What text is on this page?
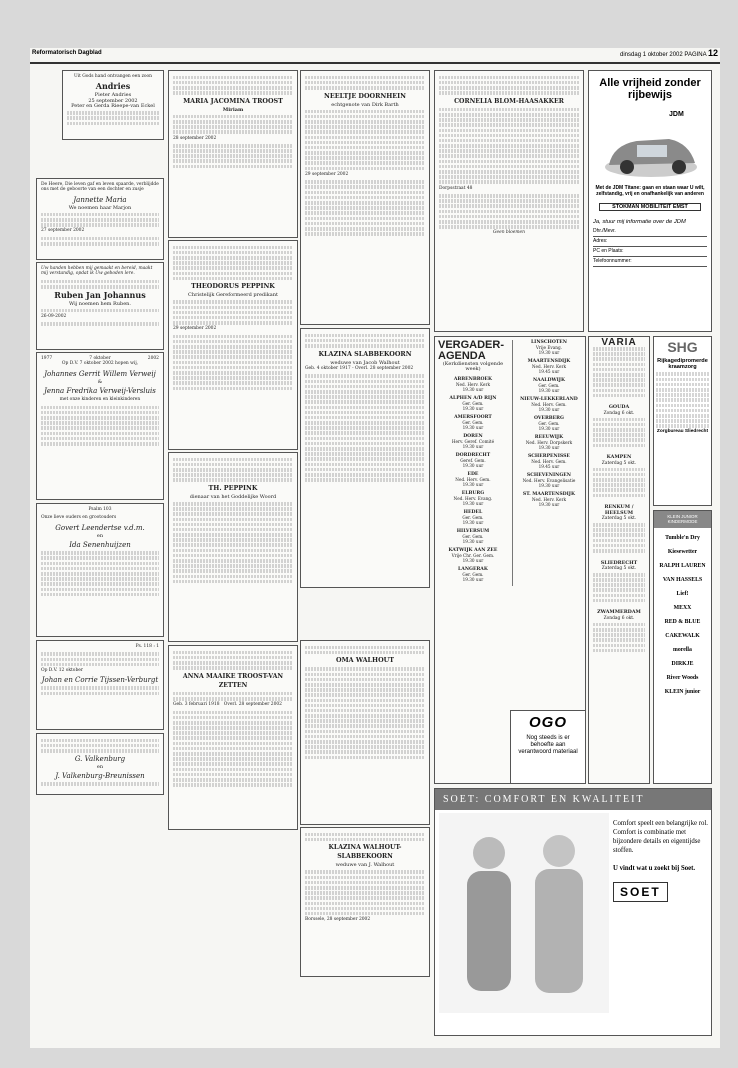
Reformatorisch Dagblad	dinsdag 1 oktober 2002 PAGINA 12

Uit Gods hand ontvangen een zoon

Andries
Pieter Andries
25 september 2002
Peter en Gerda Rieepe-van Eckel

De Heere, Die leven gaf en leven spaarde, verblijdde ons met de geboorte van een dochter en zusje

Jannette Maria
We noemen haar Marjon

27 september 2002

Uw handen hebben mij gemaakt en bereid, maakt mij verstandig, opdat ik Uw geboden lere.

Ruben Jan Johannus
Wij noemen hem Ruben.

26-09-2002

1977	7 oktober	2002

Op D.V. 7 oktober 2002 hopen wij,

Johannes Gerrit Willem Verweij
&
Jenna Fredrika Verweij-Versluis

met onze kinderen en kleinkinderen

Psalm 103

Onze lieve ouders en grootouders

Govert Leendertse v.d.m.
en
Ida Senenhuijzen

Ps. 118 : 1

Op D.V. 12 oktober

Johan en Corrie Tijssen-Verburgt
G. Valkenburg
en
J. Valkenburg-Breunissen
MARIA JACOMINA TROOST
Miriam

28 september 2002

THEODORUS PEPPINK
Christelijk Gereformeerd predikant

29 september 2002

TH. PEPPINK
dienaar van het Goddelijke Woord
ANNA MAAIKE TROOST-VAN ZETTEN

Geb. 3 februari 1918 Overl. 28 september 2002

NEELTJE DOORNHEIN
echtgenote van Dirk Barth

29 september 2002

KLAZINA SLABBEKOORN
weduwe van Jacob Walhout

Geb. 4 oktober 1917 - Overl. 28 september 2002

OMA WALHOUT
KLAZINA WALHOUT-SLABBEKOORN
weduwe van J. Walhout

Borssele, 28 september 2002

CORNELIA BLOM-HAASAKKER

Dorpsstraat 48

Geen bloemen

VERGADER-AGENDA
(Kerkdiensten volgende week)
ABBENBROEK
Ned. Herv. Kerk
19.30 uur
ALPHEN A/D RIJN
Ger. Gem.
19.30 uur
AMERSFOORT
Ger. Gem.
19.30 uur
DOREN
Herv. Geref. Comité
19.30 uur
DORDRECHT
Geref. Gem.
19.30 uur
EDE
Ned. Herv. Gem.
19.30 uur
ELBURG
Ned. Herv. Evang.
19.30 uur
HEDEL
Ger. Gem.
19.30 uur
HILVERSUM
Ger. Gem.
19.30 uur
KATWIJK AAN ZEE
Vrije Chr. Ger. Gem.
19.30 uur
LANGERAK
Ger. Gem.
19.30 uur
LINSCHOTEN
Vrije Evang.
19.30 uur
MAARTENSDIJK
Ned. Herv. Kerk
19.45 uur
NAALDWIJK
Ger. Gem.
19.30 uur
NIEUW-LEKKERLAND
Ned. Herv. Gem.
19.30 uur
OVERBERG
Ger. Gem.
19.30 uur
REEUWIJK
Ned. Herv. Dorpskerk
19.30 uur
SCHERPENISSE
Ned. Herv. Gem.
19.45 uur
SCHEVENINGEN
Ned. Herv. Evangelisatie
19.30 uur
ST. MAARTENSDIJK
Ned. Herv. Kerk
19.30 uur
OGO
Nog steeds is er behoefte aan verantwoord materiaal
Alle vrijheid zonder rijbewijs
JDM
Met de JDM Titane: gaan en staan waar U wilt, zelfstandig, vrij en onafhankelijk van anderen
STOKMAN MOBILITEIT EMST
Ja, stuur mij informatie over de JDM
Dhr./Mevr.
Adres:
PC en Plaats:
Telefoonnummer:
VARIA
GOUDA
Zondag 6 okt.
KAMPEN
Zaterdag 5 okt.
RENKUM / HEELSUM
Zaterdag 5 okt.
SLIEDRECHT
Zaterdag 5 okt.
ZWAMMERDAM
Zondag 6 okt.
SHG
Rijkagedipromerde kraamzorg
Zorgbureau Sliedrecht
KLEIN JUNIOR KINDERMODE
Tumble'n Dry
Kiesewetter
RALPH LAUREN
VAN HASSELS
Lief!
MEXX
RED & BLUE
CAKEWALK
morella
DIRKJE
River Woods
KLEIN junior
SOET: COMFORT EN KWALITEIT
Comfort speelt een belangrijke rol. Comfort is combinatie met bijzondere details en eigentijdse stoffen.
U vindt wat u zoekt bij Soet.
SOET
